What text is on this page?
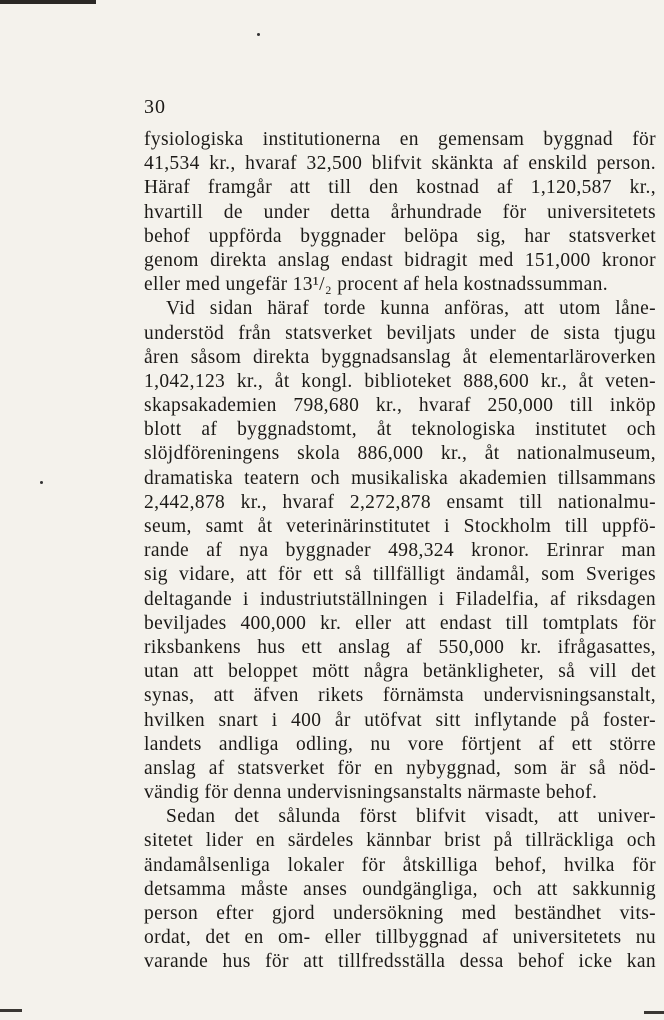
30
fysiologiska institutionerna en gemensam byggnad för
41,534 kr., hvaraf 32,500 blifvit skänkta af enskild person.
Häraf framgår att till den kostnad af 1,120,587 kr.,
hvartill de under detta århundrade för universitetets
behof uppförda byggnader belöpa sig, har statsverket
genom direkta anslag endast bidragit med 151,000 kronor
eller med ungefär 13¹/₂ procent af hela kostnadssumman.
Vid sidan häraf torde kunna anföras, att utom låne-
understöd från statsverket beviljats under de sista tjugu
åren såsom direkta byggnadsanslag åt elementarläroverken
1,042,123 kr., åt kongl. biblioteket 888,600 kr., åt veten-
skapsakademien 798,680 kr., hvaraf 250,000 till inköp
blott af byggnadstomt, åt teknologiska institutet och
slöjdföreningens skola 886,000 kr., åt nationalmuseum,
dramatiska teatern och musikaliska akademien tillsammans
2,442,878 kr., hvaraf 2,272,878 ensamt till nationalmu-
seum, samt åt veterinärinstitutet i Stockholm till uppfö-
rande af nya byggnader 498,324 kronor. Erinrar man
sig vidare, att för ett så tillfälligt ändamål, som Sveriges
deltagande i industriutställningen i Filadelfia, af riksdagen
beviljades 400,000 kr. eller att endast till tomtplats för
riksbankens hus ett anslag af 550,000 kr. ifrågasattes,
utan att beloppet mött några betänkligheter, så vill det
synas, att äfven rikets förnämsta undervisningsanstalt,
hvilken snart i 400 år utöfvat sitt inflytande på foster-
landets andliga odling, nu vore förtjent af ett större
anslag af statsverket för en nybyggnad, som är så nöd-
vändig för denna undervisningsanstalts närmaste behof.
Sedan det sålunda först blifvit visadt, att univer-
sitetet lider en särdeles kännbar brist på tillräckliga och
ändamålsenliga lokaler för åtskilliga behof, hvilka för
detsamma måste anses oundgängliga, och att sakkunnig
person efter gjord undersökning med beständhet vits-
ordat, det en om- eller tillbyggnad af universitetets nu
varande hus för att tillfredsställa dessa behof icke kan
